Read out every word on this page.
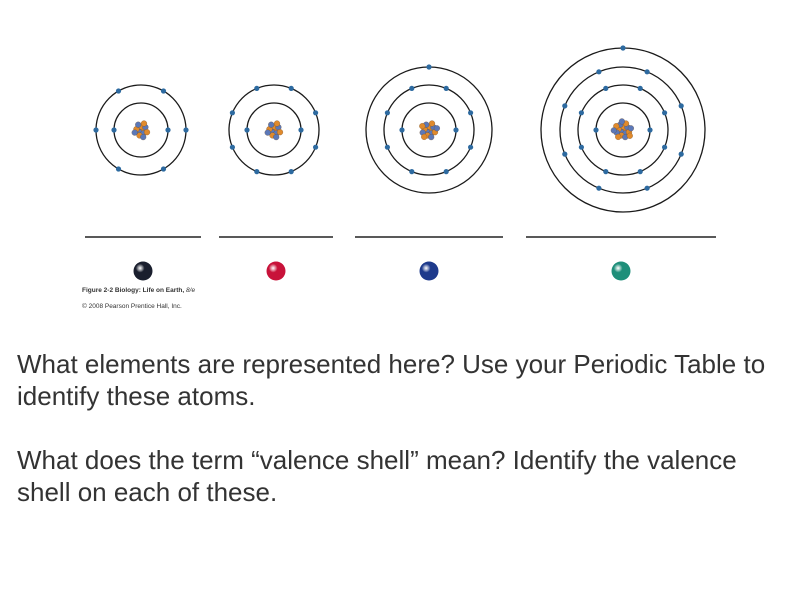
Figure 2-2 Biology: Life on Earth, 8/e
© 2008 Pearson Prentice Hall, Inc.

What elements are represented here? Use your Periodic Table to identify these atoms.

What does the term “valence shell” mean? Identify the valence shell on each of these.
